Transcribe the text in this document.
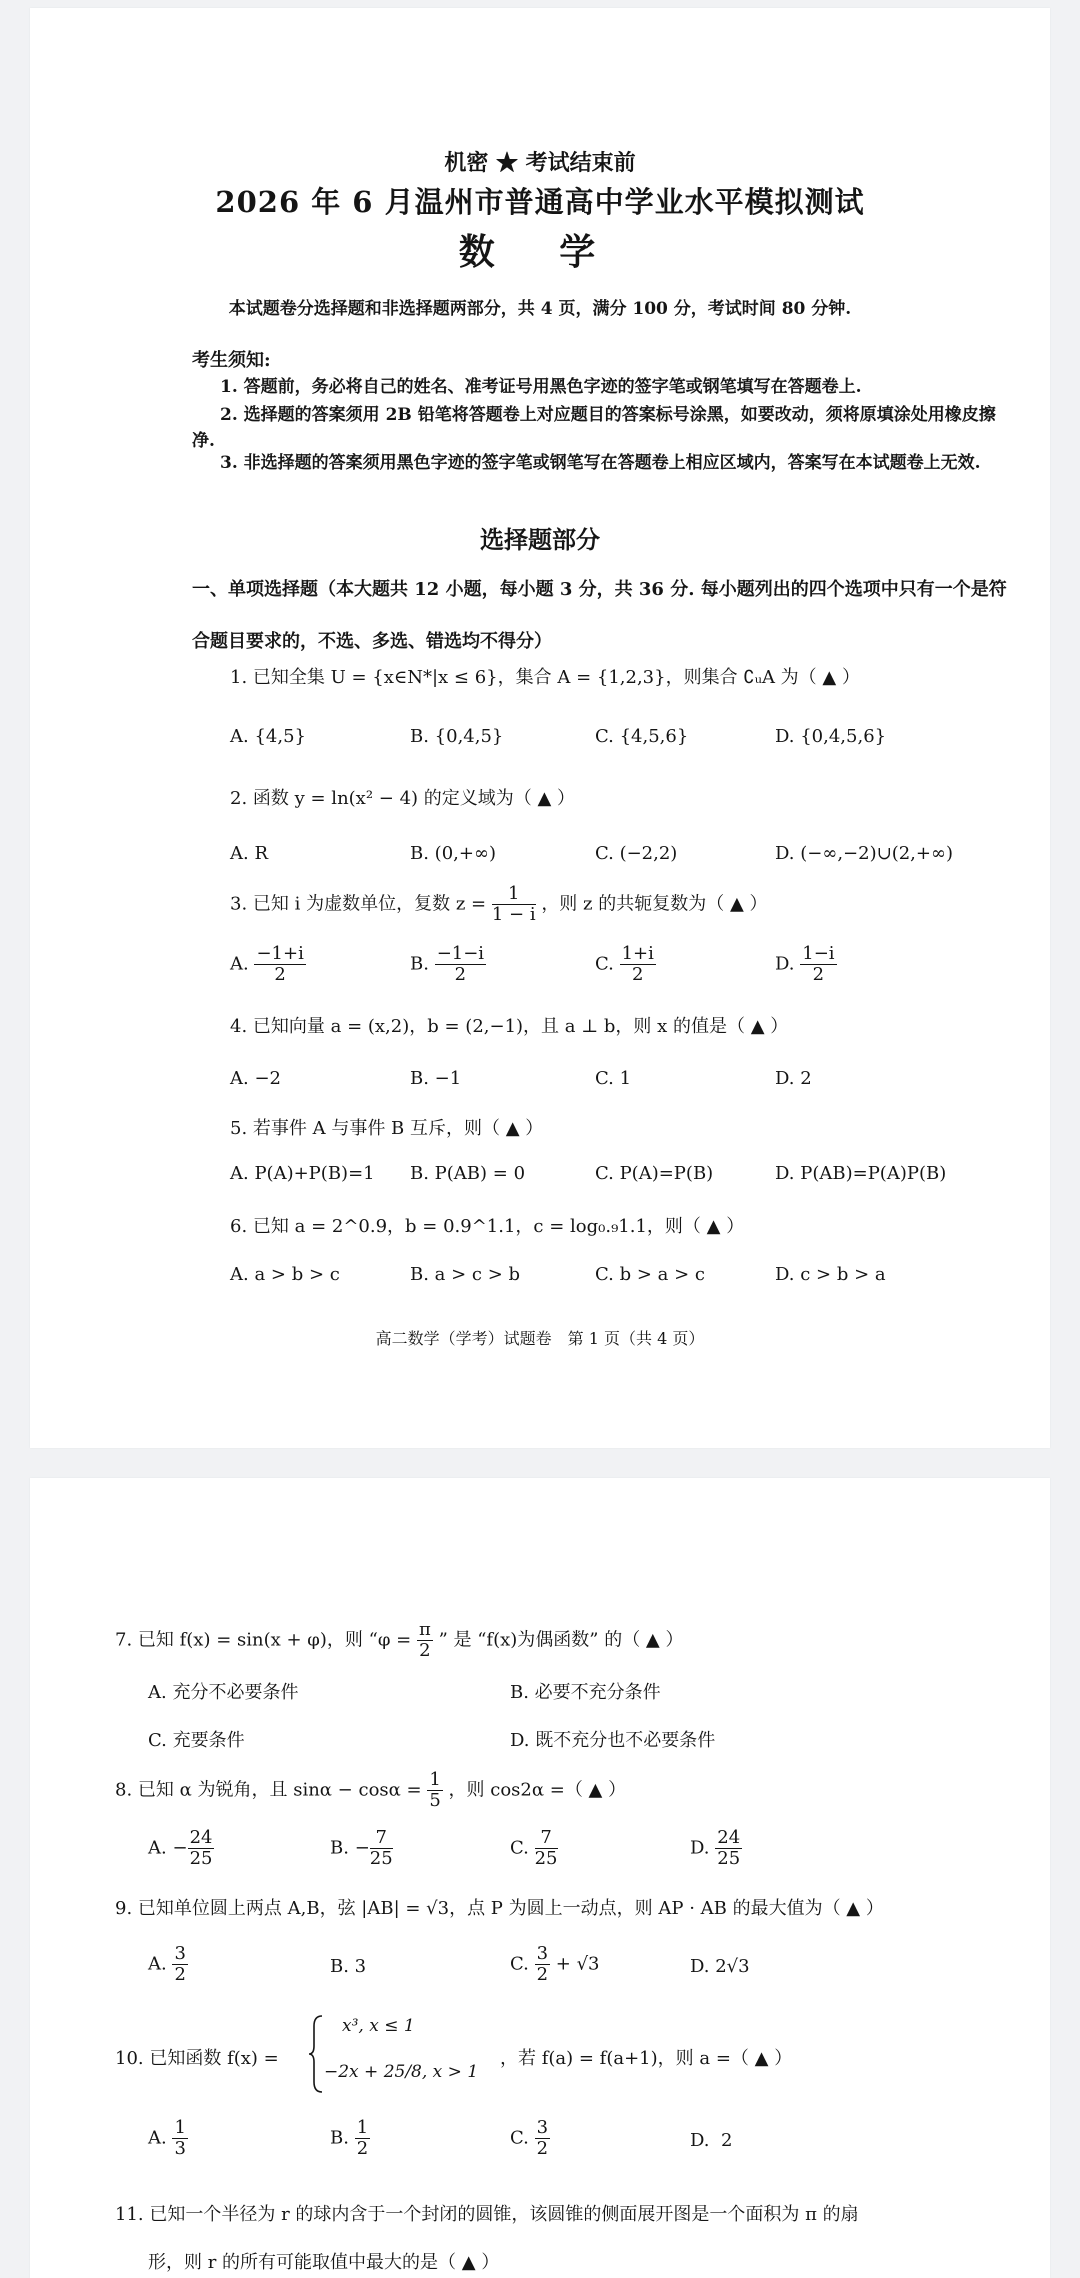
机密 ★ 考试结束前
2026 年 6 月温州市普通高中学业水平模拟测试
数 学
本试题卷分选择题和非选择题两部分，共 4 页，满分 100 分，考试时间 80 分钟.
考生须知:
1. 答题前，务必将自己的姓名、准考证号用黑色字迹的签字笔或钢笔填写在答题卷上.
2. 选择题的答案须用 2B 铅笔将答题卷上对应题目的答案标号涂黑，如要改动，须将原填涂处用橡皮擦净.
3. 非选择题的答案须用黑色字迹的签字笔或钢笔写在答题卷上相应区域内，答案写在本试题卷上无效.
选择题部分
一、单项选择题（本大题共 12 小题，每小题 3 分，共 36 分. 每小题列出的四个选项中只有一个是符合题目要求的，不选、多选、错选均不得分）
1. 已知全集 U = {x∈N*|x ≤ 6}，集合 A = {1,2,3}，则集合 ∁ᵤA 为（ ▲ ）
A. {4,5}	B. {0,4,5}	C. {4,5,6}	D. {0,4,5,6}
2. 函数 y = ln(x² − 4) 的定义域为（ ▲ ）
A. R	B. (0,+∞)	C. (−2,2)	D. (−∞,−2)∪(2,+∞)
3. 已知 i 为虚数单位，复数 $z = \frac{1}{1 - i}$ ，则 z 的共轭复数为（ ▲ ）
A. $\frac{-1+i}{2}$	B. $\frac{-1-i}{2}$	C. $\frac{1+i}{2}$	D. $\frac{1-i}{2}$
4. 已知向量 a = (x,2)，b = (2,−1)，且 a ⊥ b，则 x 的值是（ ▲ ）
A. −2	B. −1	C. 1	D. 2
5. 若事件 A 与事件 B 互斥，则（ ▲ ）
A. P(A)+P(B)=1 B. P(AB) = 0	C. P(A)=P(B)	D. P(AB)=P(A)P(B)
6. 已知 a = 2^0.9，b = 0.9^1.1，c = log₀.₉1.1，则（ ▲ ）
A. a > b > c	B. a > c > b	C. b > a > c	D. c > b > a
高二数学（学考）试题卷　第 1 页（共 4 页）
7. 已知 f(x) = sin(x + φ)，则 “$\varphi = \frac{\pi}{2}$ ” 是 “f(x)为偶函数” 的（ ▲ ）
A. 充分不必要条件	B. 必要不充分条件
C. 充要条件	D. 既不充分也不必要条件
8. 已知 α 为锐角，且 $\sin\alpha - \cos\alpha = \frac{1}{5}$ ，则 cos2α =（ ▲ ）
A. − $\frac{24}{25}$	B. − $\frac{7}{25}$	C. $\frac{7}{25}$	D. $\frac{24}{25}$
9. 已知单位圆上两点 A,B，弦 |AB| = √3，点 P 为圆上一动点，则 AP · AB 的最大值为（ ▲ ）
A. $\frac{3}{2}$	B. 3	C. $\frac{3}{2} + √3$	D. 2√3
10. 已知函数 f(x) =
x³, x ≤ 1
−2x + 25/8, x > 1
，若 f(a) = f(a+1)，则 a =（ ▲ ）
A. $\frac{1}{3}$	B. $\frac{1}{2}$	C. $\frac{3}{2}$	D. 2
11. 已知一个半径为 r 的球内含于一个封闭的圆锥，该圆锥的侧面展开图是一个面积为 π 的扇
形，则 r 的所有可能取值中最大的是（ ▲ ）
